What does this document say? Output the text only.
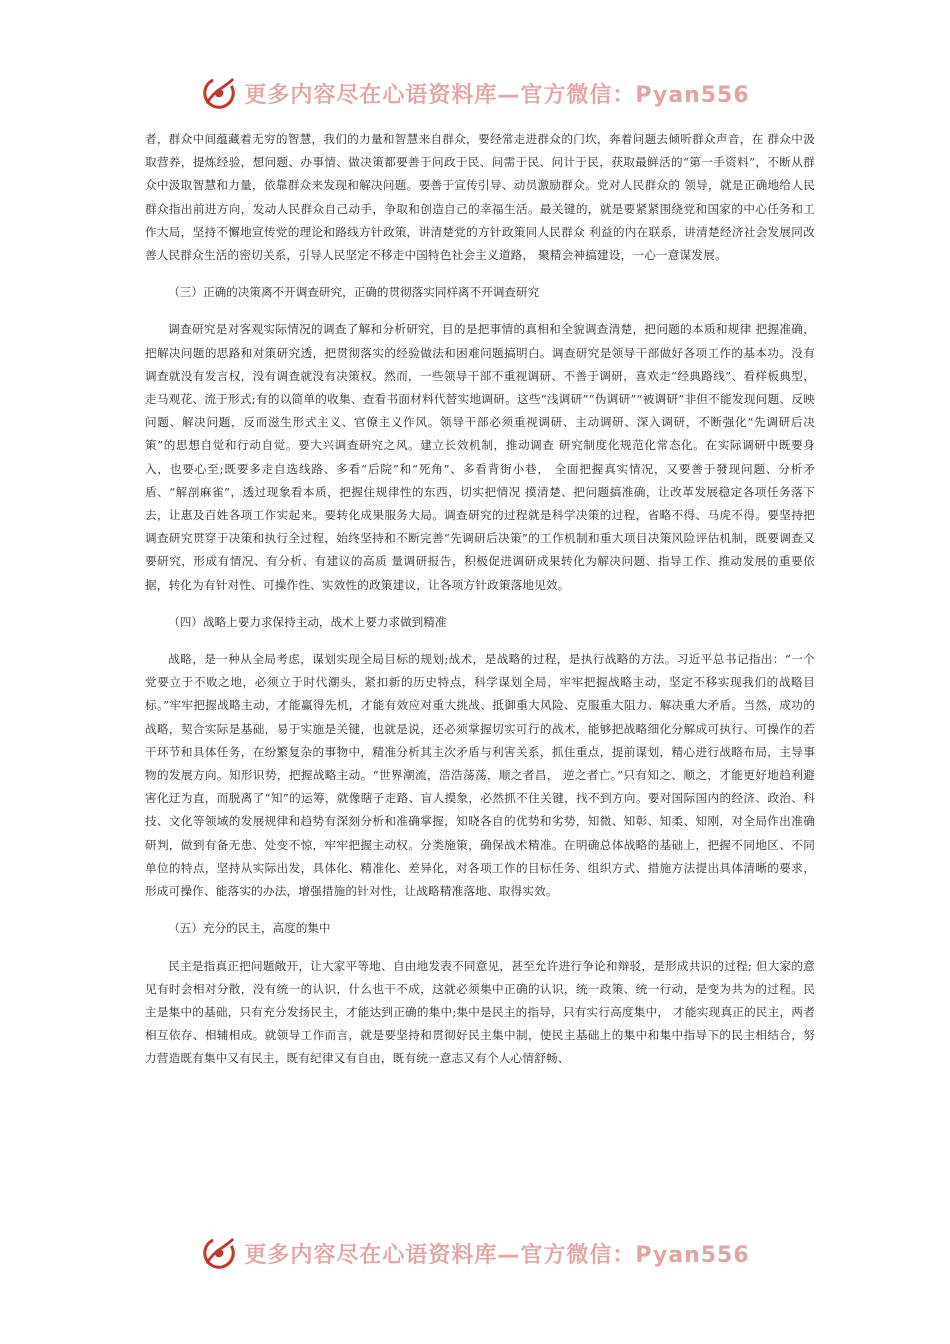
更多内容尽在心语资料库—官方微信：Pyan556

者，群众中间蕴藏着无穷的智慧，我们的力量和智慧来自群众，要经常走进群众的门坎，奔着问题去倾听群众声音，在 群众中汲取营养，提炼经验，想问题、办事情、做决策都要善于问政于民、问需于民、问计于民，获取最鲜活的“第一手资料”，不断从群众中汲取智慧和力量，依靠群众来发现和解决问题。要善于宣传引导、动员激励群众。党对人民群众的 领导，就是正确地给人民群众指出前进方向，发动人民群众自己动手，争取和创造自己的幸福生活。最关键的，就是要紧紧围绕党和国家的中心任务和工作大局，坚持不懈地宣传党的理论和路线方针政策，讲清楚党的方针政策同人民群众 利益的内在联系，讲清楚经济社会发展同改善人民群众生活的密切关系，引导人民坚定不移走中国特色社会主义道路， 聚精会神搞建设，一心一意谋发展。

（三）正确的决策离不开调查研究，正确的贯彻落实同样离不开调查研究

调查研究是对客观实际情况的调查了解和分析研究，目的是把事情的真相和全貌调查清楚，把问题的本质和规律 把握准确，把解决问题的思路和对策研究透，把贯彻落实的经验做法和困难问题搞明白。调查研究是领导干部做好各项工作的基本功。没有调查就没有发言权，没有调查就没有决策权。然而，一些领导干部不重视调研、不善于调研，喜欢走“经典路线”、看样板典型，走马观花、流于形式;有的以简单的收集、查看书面材料代替实地调研。这些“浅调研”“伪调研”“被调研”非但不能发现问题、反映问题、解决问题，反而滋生形式主义、官僚主义作风。领导干部必须重视调研、主动调研、深入调研，不断强化“先调研后决策”的思想自觉和行动自觉。要大兴调查研究之风。建立长效机制，推动调查 研究制度化规范化常态化。在实际调研中既要身入，也要心至;既要多走自选线路、多看“后院”和“死角”、多看背街小巷， 全面把握真实情况，又要善于發现问题、分析矛盾、“解剖麻雀”，透过现象看本质，把握住规律性的东西，切实把情况 摸清楚、把问题搞准确，让改革发展稳定各项任务落下去，让惠及百姓各项工作实起来。要转化成果服务大局。调查研究的过程就是科学决策的过程，省略不得、马虎不得。要坚持把调查研究贯穿于决策和执行全过程，始终坚持和不断完善“先调研后决策”的工作机制和重大项目决策风险评估机制，既要调查又要研究，形成有情况、有分析、有建议的高质 量调研报告，积极促进调研成果转化为解决问题、指导工作、推动发展的重要依据，转化为有针对性、可操作性、实效性的政策建议，让各项方针政策落地见效。

（四）战略上要力求保持主动，战术上要力求做到精准

战略，是一种从全局考虑，谋划实现全局目标的规划;战术，是战略的过程，是执行战略的方法。习近平总书记指出：“一个党要立于不败之地，必须立于时代潮头，紧扣新的历史特点，科学谋划全局，牢牢把握战略主动，坚定不移实现我们的战略目标。”牢牢把握战略主动，才能赢得先机，才能有效应对重大挑战、抵御重大风险、克服重大阻力、解决重大矛盾。当然，成功的战略，契合实际是基础，易于实施是关键，也就是说，还必须掌握切实可行的战术，能够把战略细化分解成可执行、可操作的若干环节和具体任务，在纷繁复杂的事物中，精准分析其主次矛盾与利害关系，抓住重点，提前谋划，精心进行战略布局，主导事物的发展方向。知形识势，把握战略主动。“世界潮流，浩浩荡荡，顺之者昌， 逆之者亡。”只有知之、顺之，才能更好地趋利避害化迂为直，而脱离了“知”的运筹，就像瞎子走路、盲人摸象，必然抓不住关键，找不到方向。要对国际国内的经济、政治、科技、文化等领域的发展规律和趋势有深刻分析和准确掌握，知晓各自的优势和劣势，知微、知彰、知柔、知刚，对全局作出准确研判，做到有备无患、处变不惊，牢牢把握主动权。分类施策，确保战术精准。在明确总体战略的基础上，把握不同地区、不同单位的特点，坚持从实际出发，具体化、精准化、差异化，对各项工作的目标任务、组织方式、措施方法提出具体清晰的要求，形成可操作、能落实的办法，增强措施的针对性，让战略精准落地、取得实效。

（五）充分的民主，高度的集中

民主是指真正把问题敞开，让大家平等地、自由地发表不同意见，甚至允许进行争论和辩驳，是形成共识的过程; 但大家的意见有时会相对分散，没有统一的认识，什么也干不成，这就必须集中正确的认识，统一政策、统一行动，是变为共为的过程。民主是集中的基础，只有充分发扬民主，才能达到正确的集中;集中是民主的指导，只有实行高度集中， 才能实现真正的民主，两者相互依存、相辅相成。就领导工作而言，就是要坚持和贯彻好民主集中制，使民主基础上的集中和集中指导下的民主相结合，努力营造既有集中又有民主，既有纪律又有自由，既有统一意志又有个人心情舒畅、

更多内容尽在心语资料库—官方微信：Pyan556
